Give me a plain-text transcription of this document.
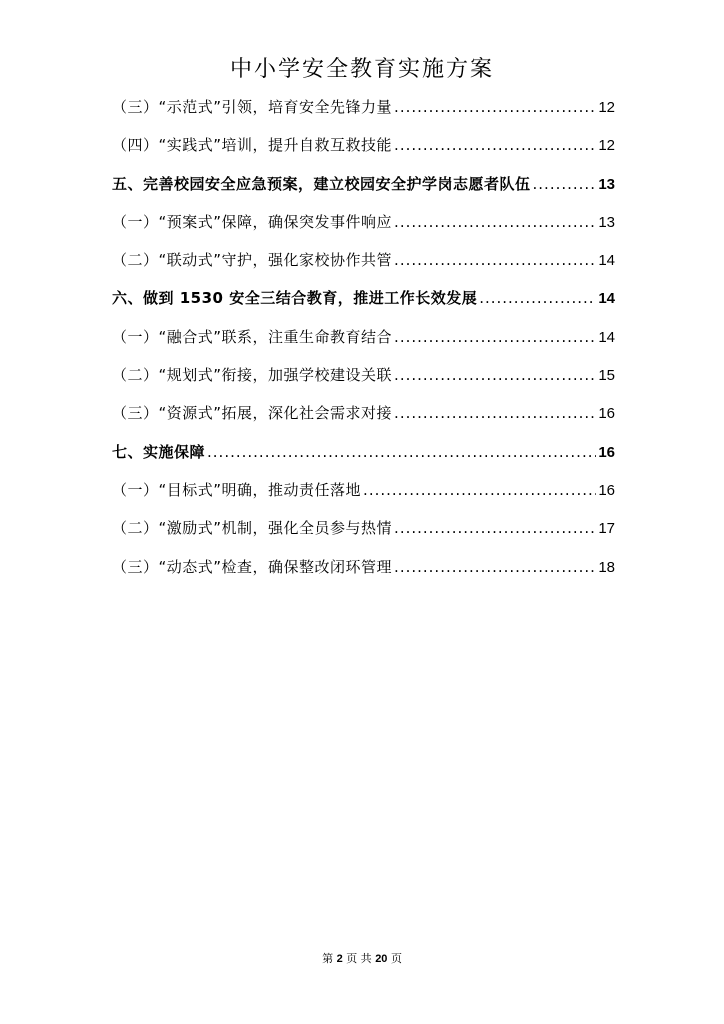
中小学安全教育实施方案
（三）“示范式”引领，培育安全先锋力量 .....	12
（四）“实践式”培训，提升自救互救技能 .....	12
五、完善校园安全应急预案，建立校园安全护学岗志愿者队伍 .....	13
（一）“预案式”保障，确保突发事件响应 .....	13
（二）“联动式”守护，强化家校协作共管 .....	14
六、做到 1530 安全三结合教育，推进工作长效发展 .....	14
（一）“融合式”联系，注重生命教育结合 .....	14
（二）“规划式”衔接，加强学校建设关联 .....	15
（三）“资源式”拓展，深化社会需求对接 .....	16
七、实施保障 .....	16
（一）“目标式”明确，推动责任落地 .....	16
（二）“激励式”机制，强化全员参与热情 .....	17
（三）“动态式”检查，确保整改闭环管理 .....	18
第 2 页 共 20 页
